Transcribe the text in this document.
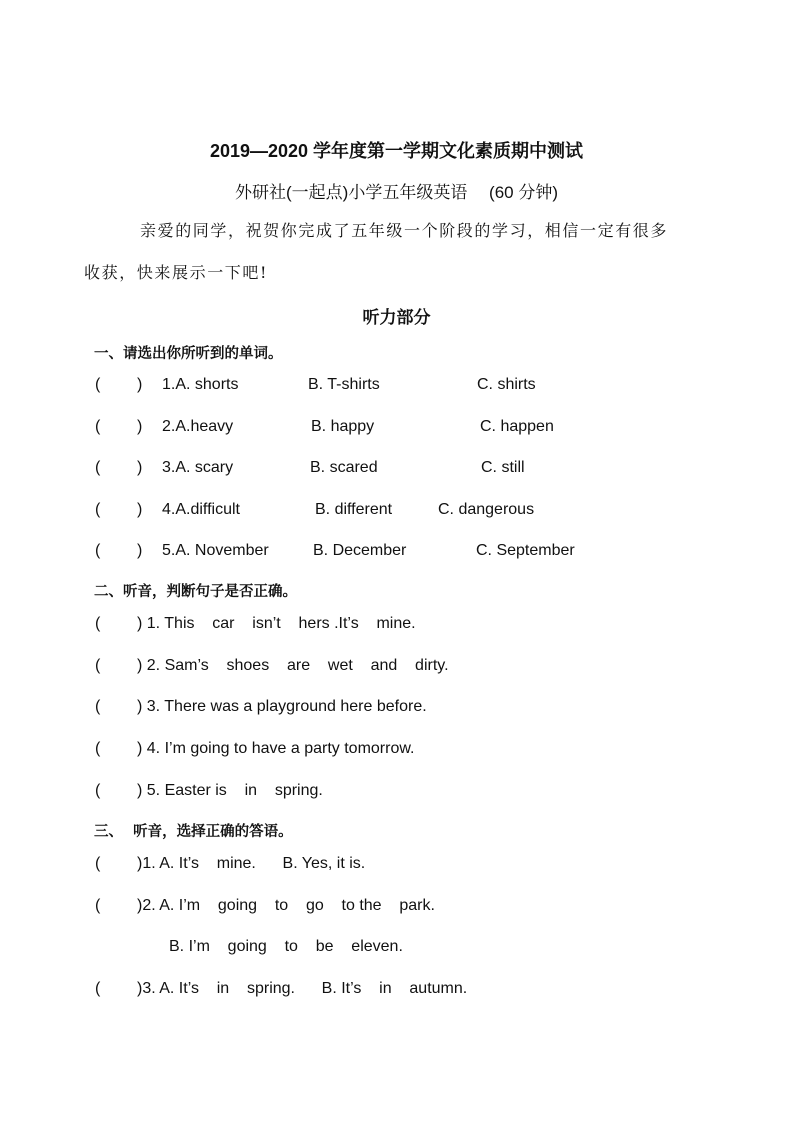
2019—2020 学年度第一学期文化素质期中测试
外研社(一起点)小学五年级英语　 (60 分钟)
亲爱的同学，祝贺你完成了五年级一个阶段的学习，相信一定有很多
收获，快来展示一下吧!
听力部分
一、请选出你所听到的单词。
( ) 1.A. shorts	B. T-shirts	C. shirts
( ) 2.A.heavy	B. happy	C. happen
( ) 3.A. scary	B. scared	C. still
( ) 4.A.difficult	B. different	C. dangerous
( ) 5.A. November	B. December	C. September
二、听音，判断句子是否正确。
( ) 1. This    car    isn’t    hers .It’s    mine.
( ) 2. Sam’s    shoes    are    wet    and    dirty.
( ) 3. There was a playground here before.
( ) 4. I’m going to have a party tomorrow.
( ) 5. Easter is    in    spring.
三、  听音，选择正确的答语。
( )1. A. It’s    mine.      B. Yes, it is.
( )2. A. I’m    going    to    go    to the    park.
B. I’m    going    to    be    eleven.
( )3. A. It’s    in    spring.      B. It’s    in    autumn.
